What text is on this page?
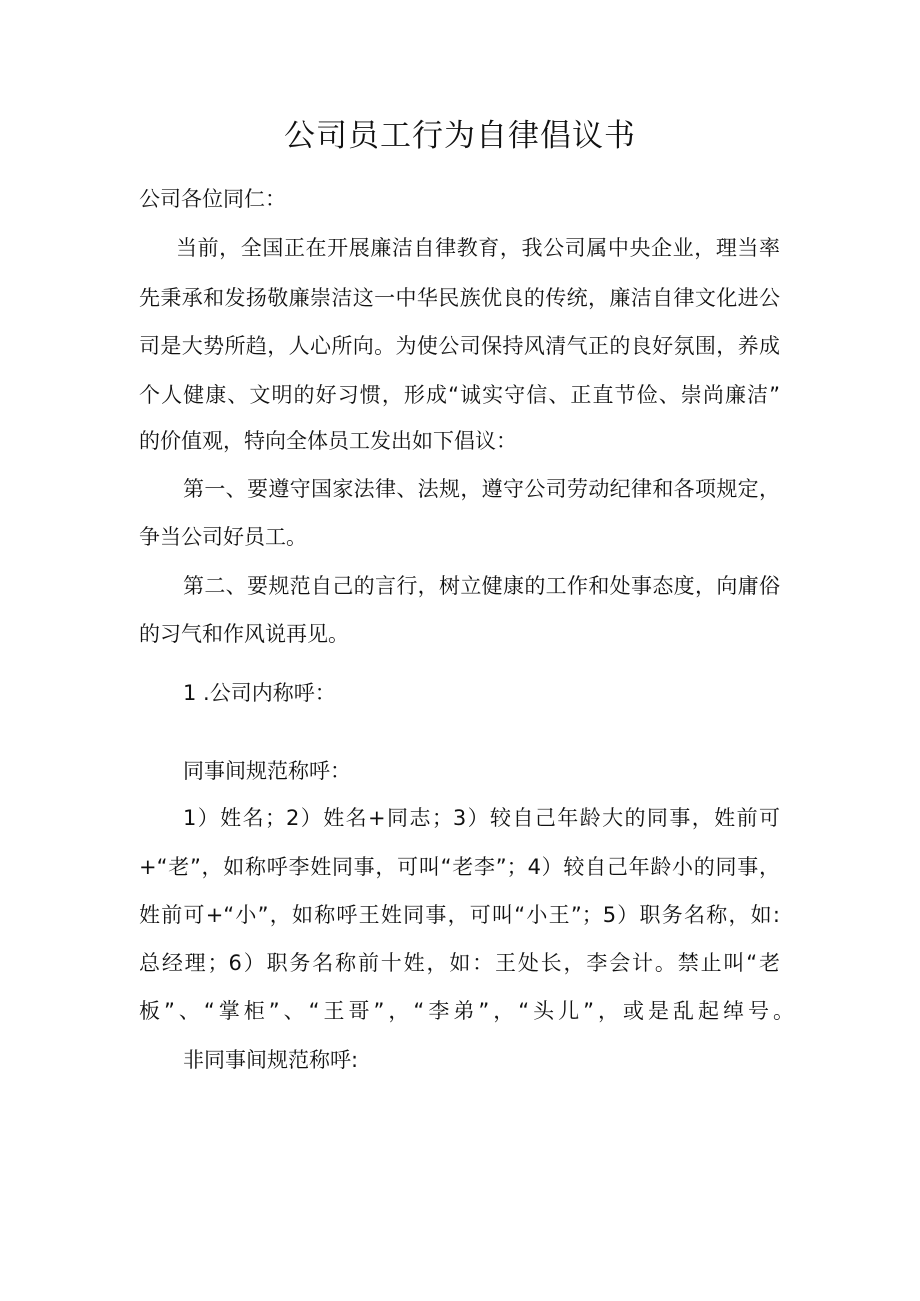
公司员工行为自律倡议书
公司各位同仁：
当前，全国正在开展廉洁自律教育，我公司属中央企业，理当率
先秉承和发扬敬廉崇洁这一中华民族优良的传统，廉洁自律文化进公
司是大势所趋，人心所向。为使公司保持风清气正的良好氛围，养成
个人健康、文明的好习惯，形成“诚实守信、正直节俭、崇尚廉洁”
的价值观，特向全体员工发出如下倡议：
第一、要遵守国家法律、法规，遵守公司劳动纪律和各项规定，
争当公司好员工。
第二、要规范自己的言行，树立健康的工作和处事态度，向庸俗
的习气和作风说再见。
1 .公司内称呼：
同事间规范称呼：
1）姓名；2）姓名+同志；3）较自己年龄大的同事，姓前可
+“老”，如称呼李姓同事，可叫“老李”；4）较自己年龄小的同事，
姓前可+“小”，如称呼王姓同事，可叫“小王”；5）职务名称，如:
总经理；6）职务名称前十姓，如：王处长，李会计。禁止叫“老
板”、“掌柜”、“王哥”，“李弟”，“头儿”，或是乱起绰号。
非同事间规范称呼:
